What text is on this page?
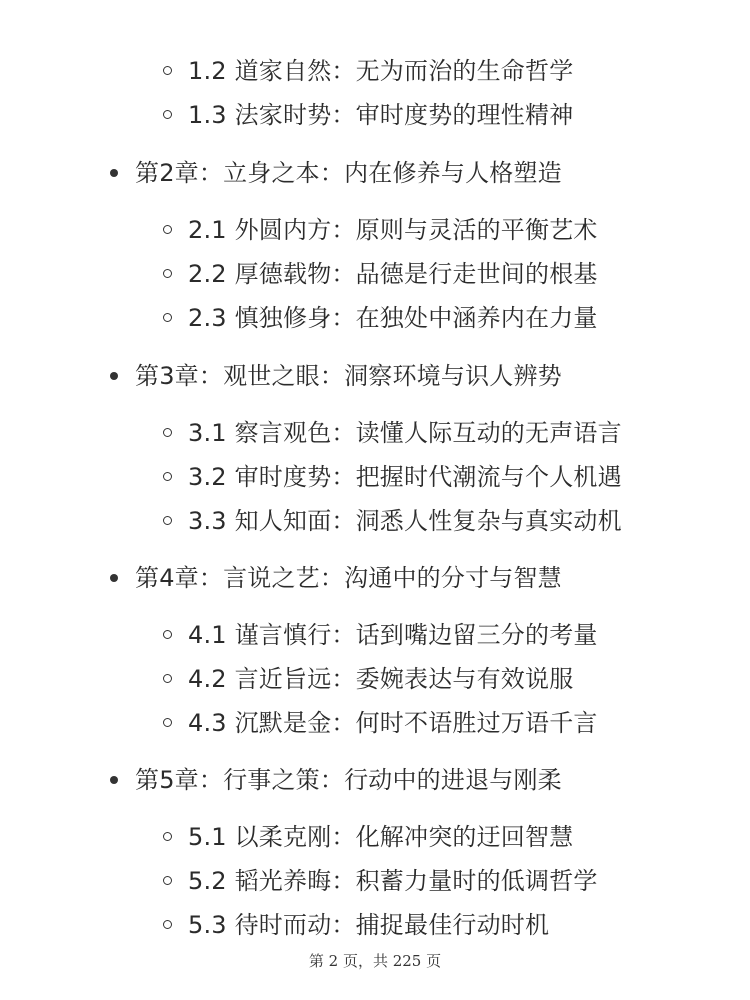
1.2 道家自然：无为而治的生命哲学
1.3 法家时势：审时度势的理性精神
第2章：立身之本：内在修养与人格塑造
2.1 外圆内方：原则与灵活的平衡艺术
2.2 厚德载物：品德是行走世间的根基
2.3 慎独修身：在独处中涵养内在力量
第3章：观世之眼：洞察环境与识人辨势
3.1 察言观色：读懂人际互动的无声语言
3.2 审时度势：把握时代潮流与个人机遇
3.3 知人知面：洞悉人性复杂与真实动机
第4章：言说之艺：沟通中的分寸与智慧
4.1 谨言慎行：话到嘴边留三分的考量
4.2 言近旨远：委婉表达与有效说服
4.3 沉默是金：何时不语胜过万语千言
第5章：行事之策：行动中的进退与刚柔
5.1 以柔克刚：化解冲突的迂回智慧
5.2 韬光养晦：积蓄力量时的低调哲学
5.3 待时而动：捕捉最佳行动时机
第 2 页，共 225 页
